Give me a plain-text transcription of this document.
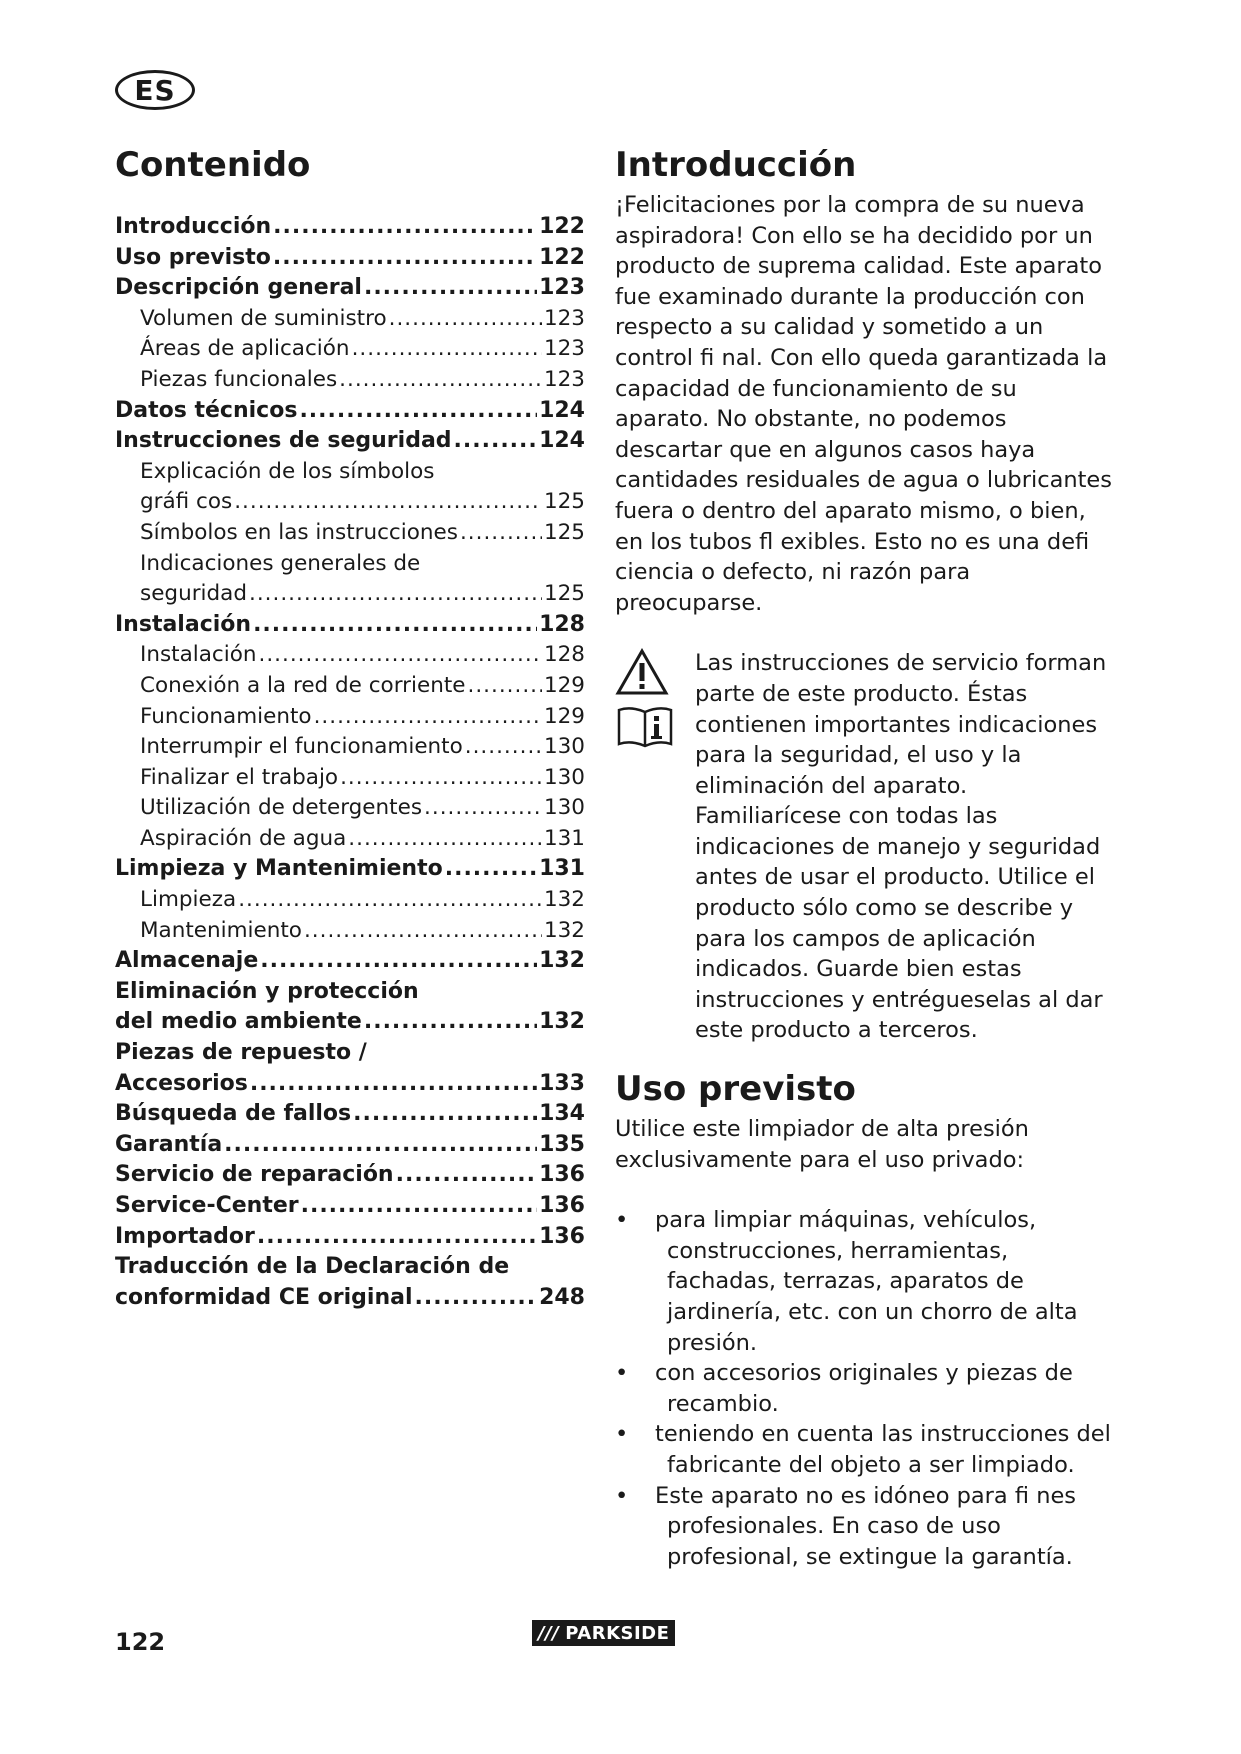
ES
Contenido
Introducción .....	122
Uso previsto .....	122
Descripción general .....	123
Volumen de suministro .....	123
Áreas de aplicación .....	123
Piezas funcionales .....	123
Datos técnicos .....	124
Instrucciones de seguridad .....	124
Explicación de los símbolos
gráfi cos .....	125
Símbolos en las instrucciones .....	125
Indicaciones generales de
seguridad .....	125
Instalación .....	128
Instalación .....	128
Conexión a la red de corriente .....	129
Funcionamiento .....	129
Interrumpir el funcionamiento .....	130
Finalizar el trabajo .....	130
Utilización de detergentes .....	130
Aspiración de agua .....	131
Limpieza y Mantenimiento .....	131
Limpieza .....	132
Mantenimiento .....	132
Almacenaje .....	132
Eliminación y protección
del medio ambiente .....	132
Piezas de repuesto /
Accesorios .....	133
Búsqueda de fallos .....	134
Garantía .....	135
Servicio de reparación .....	136
Service-Center .....	136
Importador .....	136
Traducción de la Declaración de
conformidad CE original .....	248
Introducción

¡Felicitaciones por la compra de su nueva aspiradora! Con ello se ha decidido por un producto de suprema calidad. Este aparato fue examinado durante la producción con respecto a su calidad y sometido a un control fi nal. Con ello queda garantizada la capacidad de funcionamiento de su aparato. No obstante, no podemos descartar que en algunos casos haya cantidades residuales de agua o lubricantes fuera o dentro del aparato mismo, o bien, en los tubos fl exibles. Esto no es una defi ciencia o defecto, ni razón para preocuparse.

Las instrucciones de servicio forman parte de este producto. Éstas contienen importantes indicaciones para la seguridad, el uso y la eliminación del aparato. Familiarícese con todas las indicaciones de manejo y seguridad antes de usar el producto. Utilice el producto sólo como se describe y para los campos de aplicación indicados. Guarde bien estas instrucciones y entrégueselas al dar este producto a terceros.

Uso previsto

Utilice este limpiador de alta presión exclusivamente para el uso privado:

• para limpiar máquinas, vehículos, construcciones, herramientas, fachadas, terrazas, aparatos de jardinería, etc. con un chorro de alta presión.
• con accesorios originales y piezas de recambio.
• teniendo en cuenta las instrucciones del fabricante del objeto a ser limpiado.
• Este aparato no es idóneo para fi nes profesionales. En caso de uso profesional, se extingue la garantía.
122	/// PARKSIDE
